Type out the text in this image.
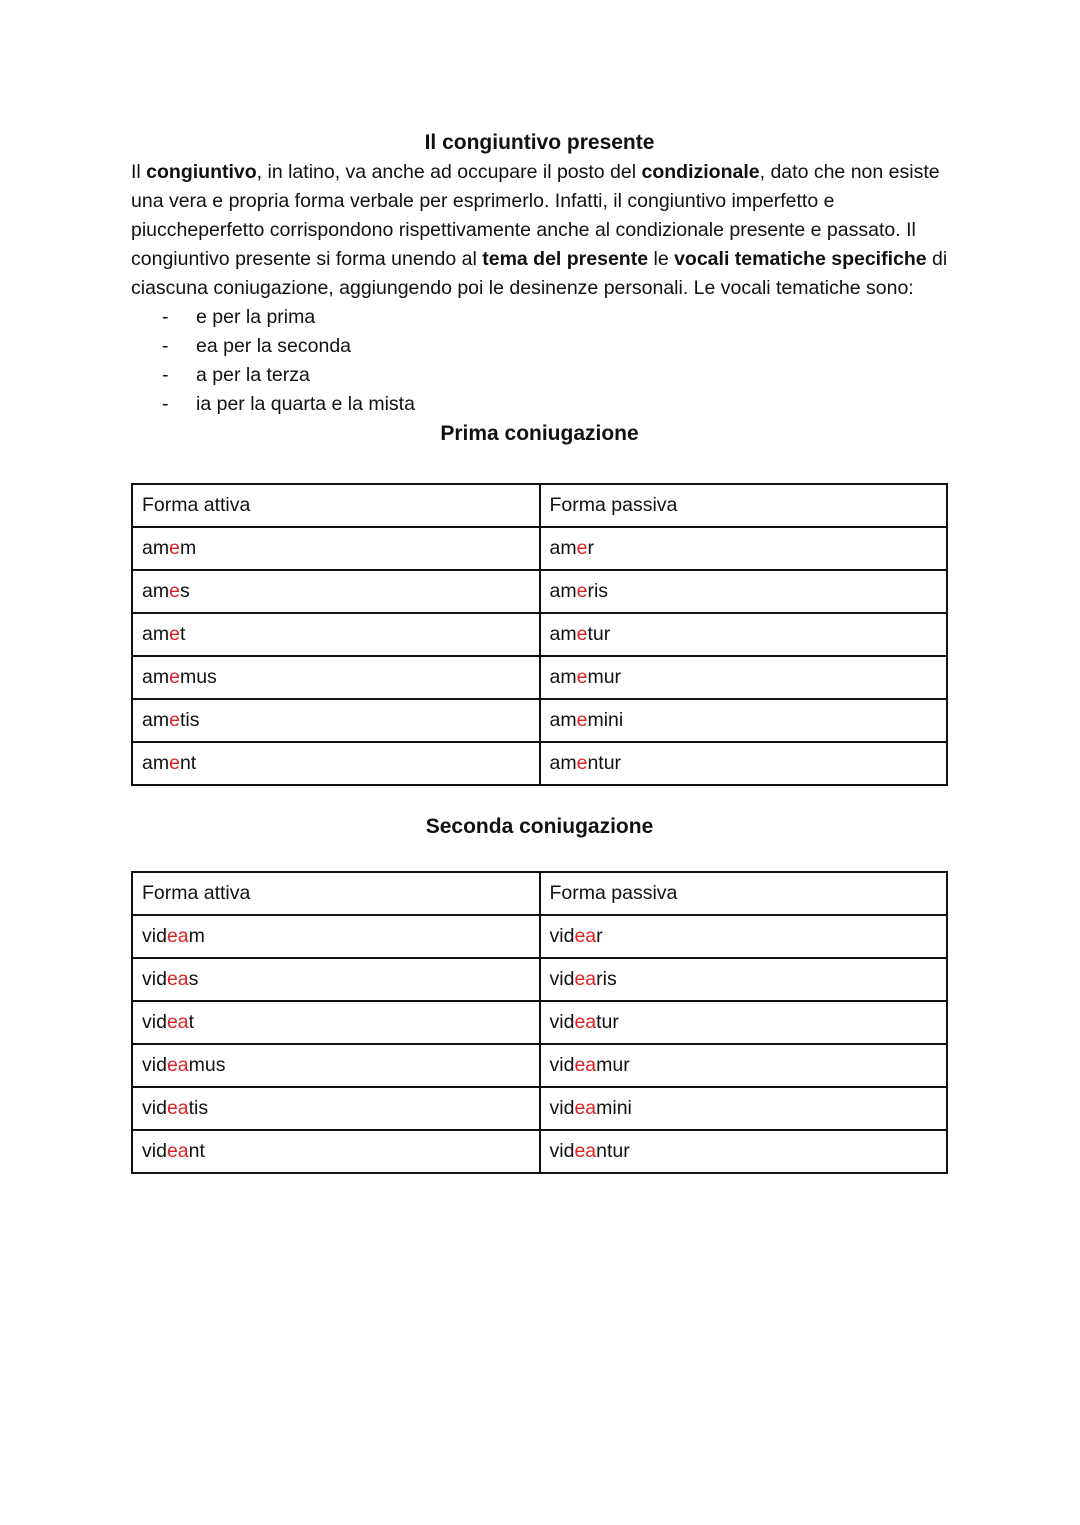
Il congiuntivo presente

Il congiuntivo, in latino, va anche ad occupare il posto del condizionale, dato che non esiste una vera e propria forma verbale per esprimerlo. Infatti, il congiuntivo imperfetto e piuccheperfetto corrispondono rispettivamente anche al condizionale presente e passato. Il congiuntivo presente si forma unendo al tema del presente le vocali tematiche specifiche di ciascuna coniugazione, aggiungendo poi le desinenze personali. Le vocali tematiche sono:

- e per la prima
- ea per la seconda
- a per la terza
- ia per la quarta e la mista
Prima coniugazione
Forma attiva	Forma passiva
amem	amer
ames	ameris
amet	ametur
amemus	amemur
ametis	amemini
ament	amentur
Seconda coniugazione
Forma attiva	Forma passiva
videam	videar
videas	videaris
videat	videatur
videamus	videamur
videatis	videamini
videant	videantur
